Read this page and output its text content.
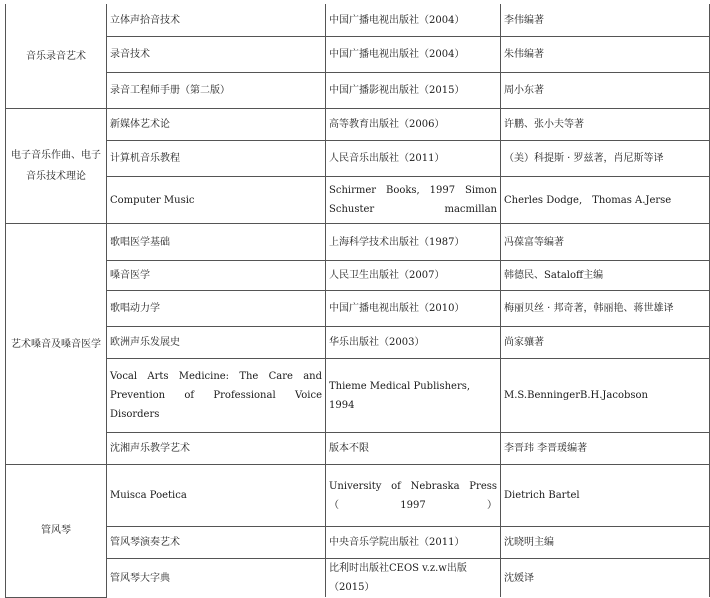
音乐录音艺术	立体声拾音技术	中国广播电视出版社（2004）	李伟编著
	录音技术	中国广播电视出版社（2004）	朱伟编著
	录音工程师手册（第二版）	中国广播影视出版社（2015）	周小东著
电子音乐作曲、电子音乐技术理论	新媒体艺术论	高等教育出版社（2006）	许鹏、张小夫等著
	计算机音乐教程	人民音乐出版社（2011）	（美）科提斯 · 罗兹著，肖尼斯等译
	Computer Music	Schirmer Books, 1997 Simon Schuster macmillan	Cherles Dodge,　Thomas A.Jerse
艺术嗓音及嗓音医学	歌唱医学基础	上海科学技术出版社（1987）	冯葆富等编著
	嗓音医学	人民卫生出版社（2007）	韩德民、Sataloff主编
	歌唱动力学	中国广播电视出版社（2010）	梅丽贝丝 · 邦奇著，韩丽艳、蒋世雄译
	欧洲声乐发展史	华乐出版社（2003）	尚家骧著
	Vocal Arts Medicine: The Care and Prevention of Professional Voice Disorders	Thieme Medical Publishers, 1994	M.S.BenningerB.H.Jacobson
	沈湘声乐教学艺术	版本不限	李晋玮 李晋瑗编著
管风琴	Muisca Poetica	University of Nebraska Press（1997）	Dietrich Bartel
	管风琴演奏艺术	中央音乐学院出版社（2011）	沈晓明主编
	管风琴大字典	比利时出版社CEOS v.z.w出版（2015）	沈媛译
